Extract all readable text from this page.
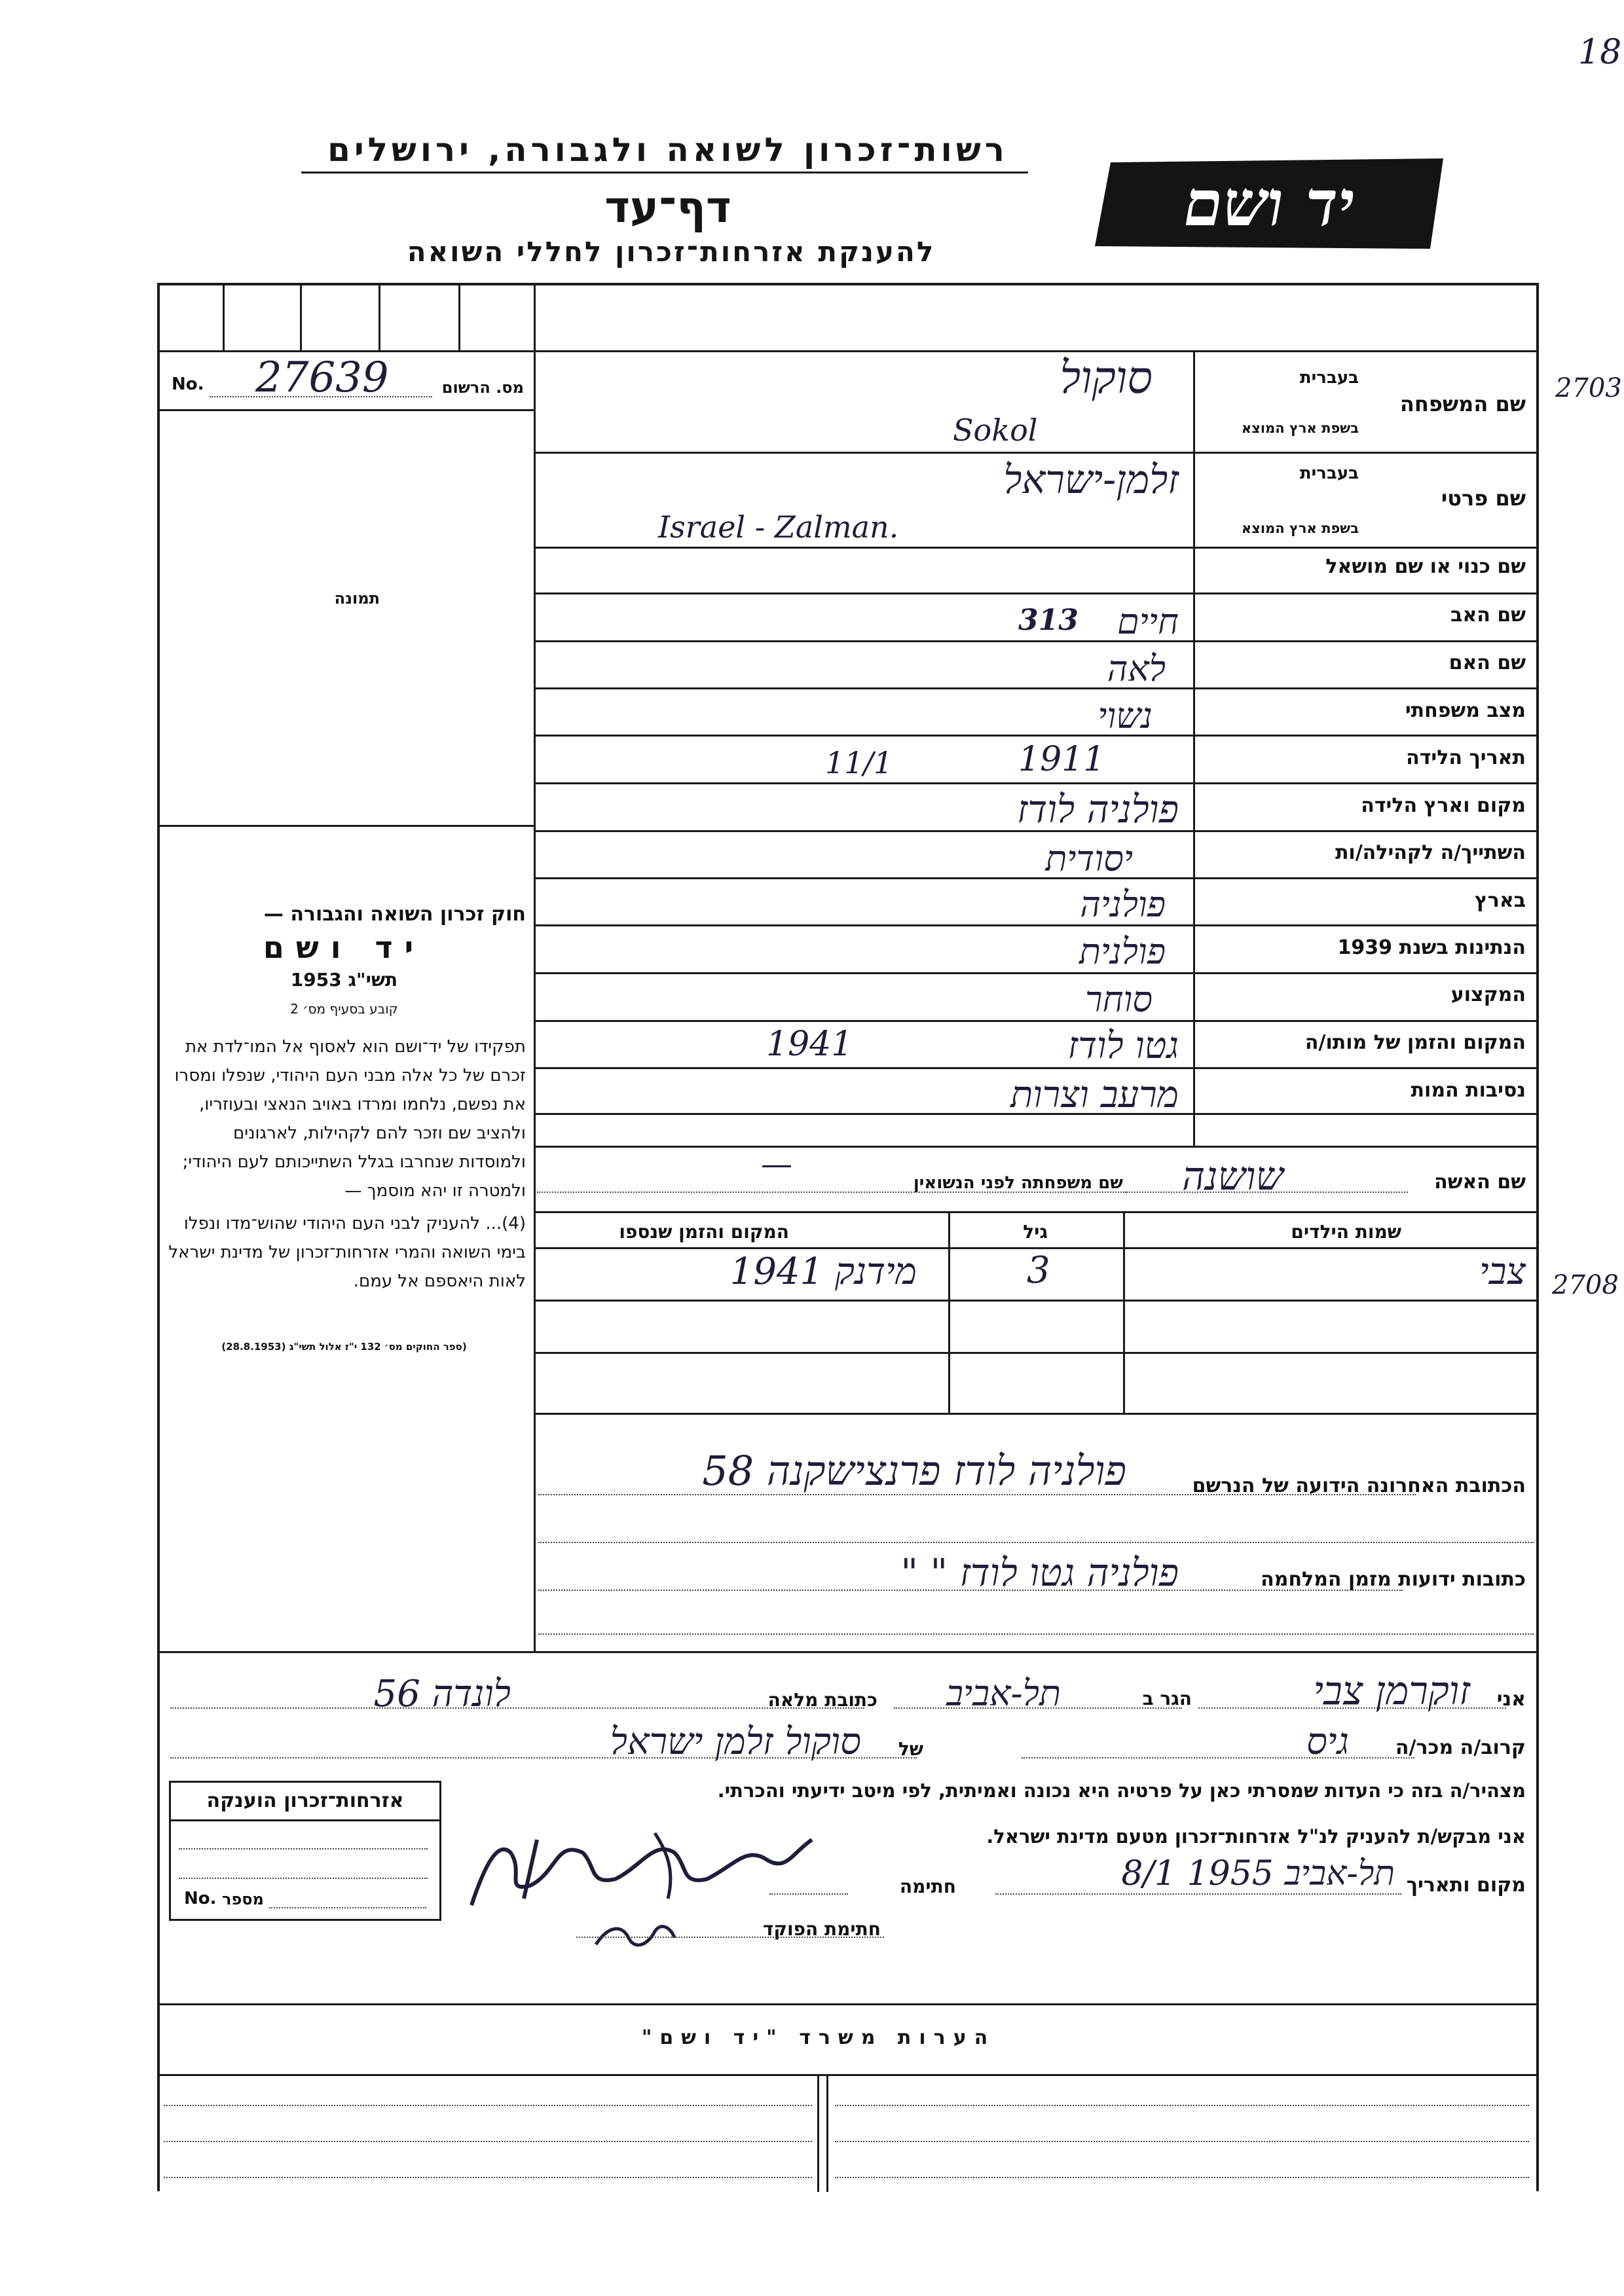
18
רשות־זכרון לשואה ולגבורה, ירושלים
דף־עד
להענקת אזרחות־זכרון לחללי השואה
יד ושם
No. 27639	מס. הרשום
תמונה
חוק זכרון השואה והגבורה —
יד ושם
תשי"ג 1953
קובע בסעיף מס׳ 2

תפקידו של יד־ושם הוא לאסוף אל המו־לדת את זכרם של כל אלה מבני העם היהודי, שנפלו ומסרו את נפשם, נלחמו ומרדו באויב הנאצי ובעוזריו, ולהציב שם וזכר להם לקהילות, לארגונים ולמוסדות שנחרבו בגלל השתייכותם לעם היהודי; ולמטרה זו יהא מוסמך —

(4)... להעניק לבני העם היהודי שהוש־מדו ונפלו בימי השואה והמרי אזרחות־זכרון של מדינת ישראל לאות היאספם אל עמם.

(ספר החוקים מס׳ 132 י"ז אלול תשי"ג (28.8.1953)

שם המשפחה
בעברית
בשפת ארץ המוצא
סוקול
Sokol
שם פרטי
בעברית
בשפת ארץ המוצא
זלמן-ישראל
Israel - Zalman.
שם כנוי או שם מושאל
שם האב
חיים
313
שם האם
לאה
מצב משפחתי
נשוי
תאריך הלידה
1911
11/1
מקום וארץ הלידה
פולניה לודז
השתייך/ה לקהילה/ות
יסודית
בארץ
פולניה
הנתינות בשנת 1939
פולנית
המקצוע
סוחר
המקום והזמן של מותו/ה
גטו לודז
1941
נסיבות המות
מרעב וצרות
2703
שם האשה
שושנה
שם משפחתה לפני הנשואין
—
שמות הילדים
גיל
המקום והזמן שנספו
צבי
3
מידנק 1941	2708
הכתובת האחרונה הידועה של הנרשם
פולניה לודז פרנצישקנה 58
כתובות ידועות מזמן המלחמה
פולניה גטו לודז " "
אני
זוקרמן צבי
הגר ב
תל-אביב
כתובת מלאה
לונדה 56
קרוב/ה מכר/ה
גיס
של
סוקול זלמן ישראל
מצהיר/ה בזה כי העדות שמסרתי כאן על פרטיה היא נכונה ואמיתית, לפי מיטב ידיעתי והכרתי.
אני מבקש/ת להעניק לנ"ל אזרחות־זכרון מטעם מדינת ישראל.
מקום ותאריך
תל-אביב 1955 8/1
חתימה
חתימת הפוקד
אזרחות־זכרון הוענקה
No. מספר
הערות משרד "יד ושם"
